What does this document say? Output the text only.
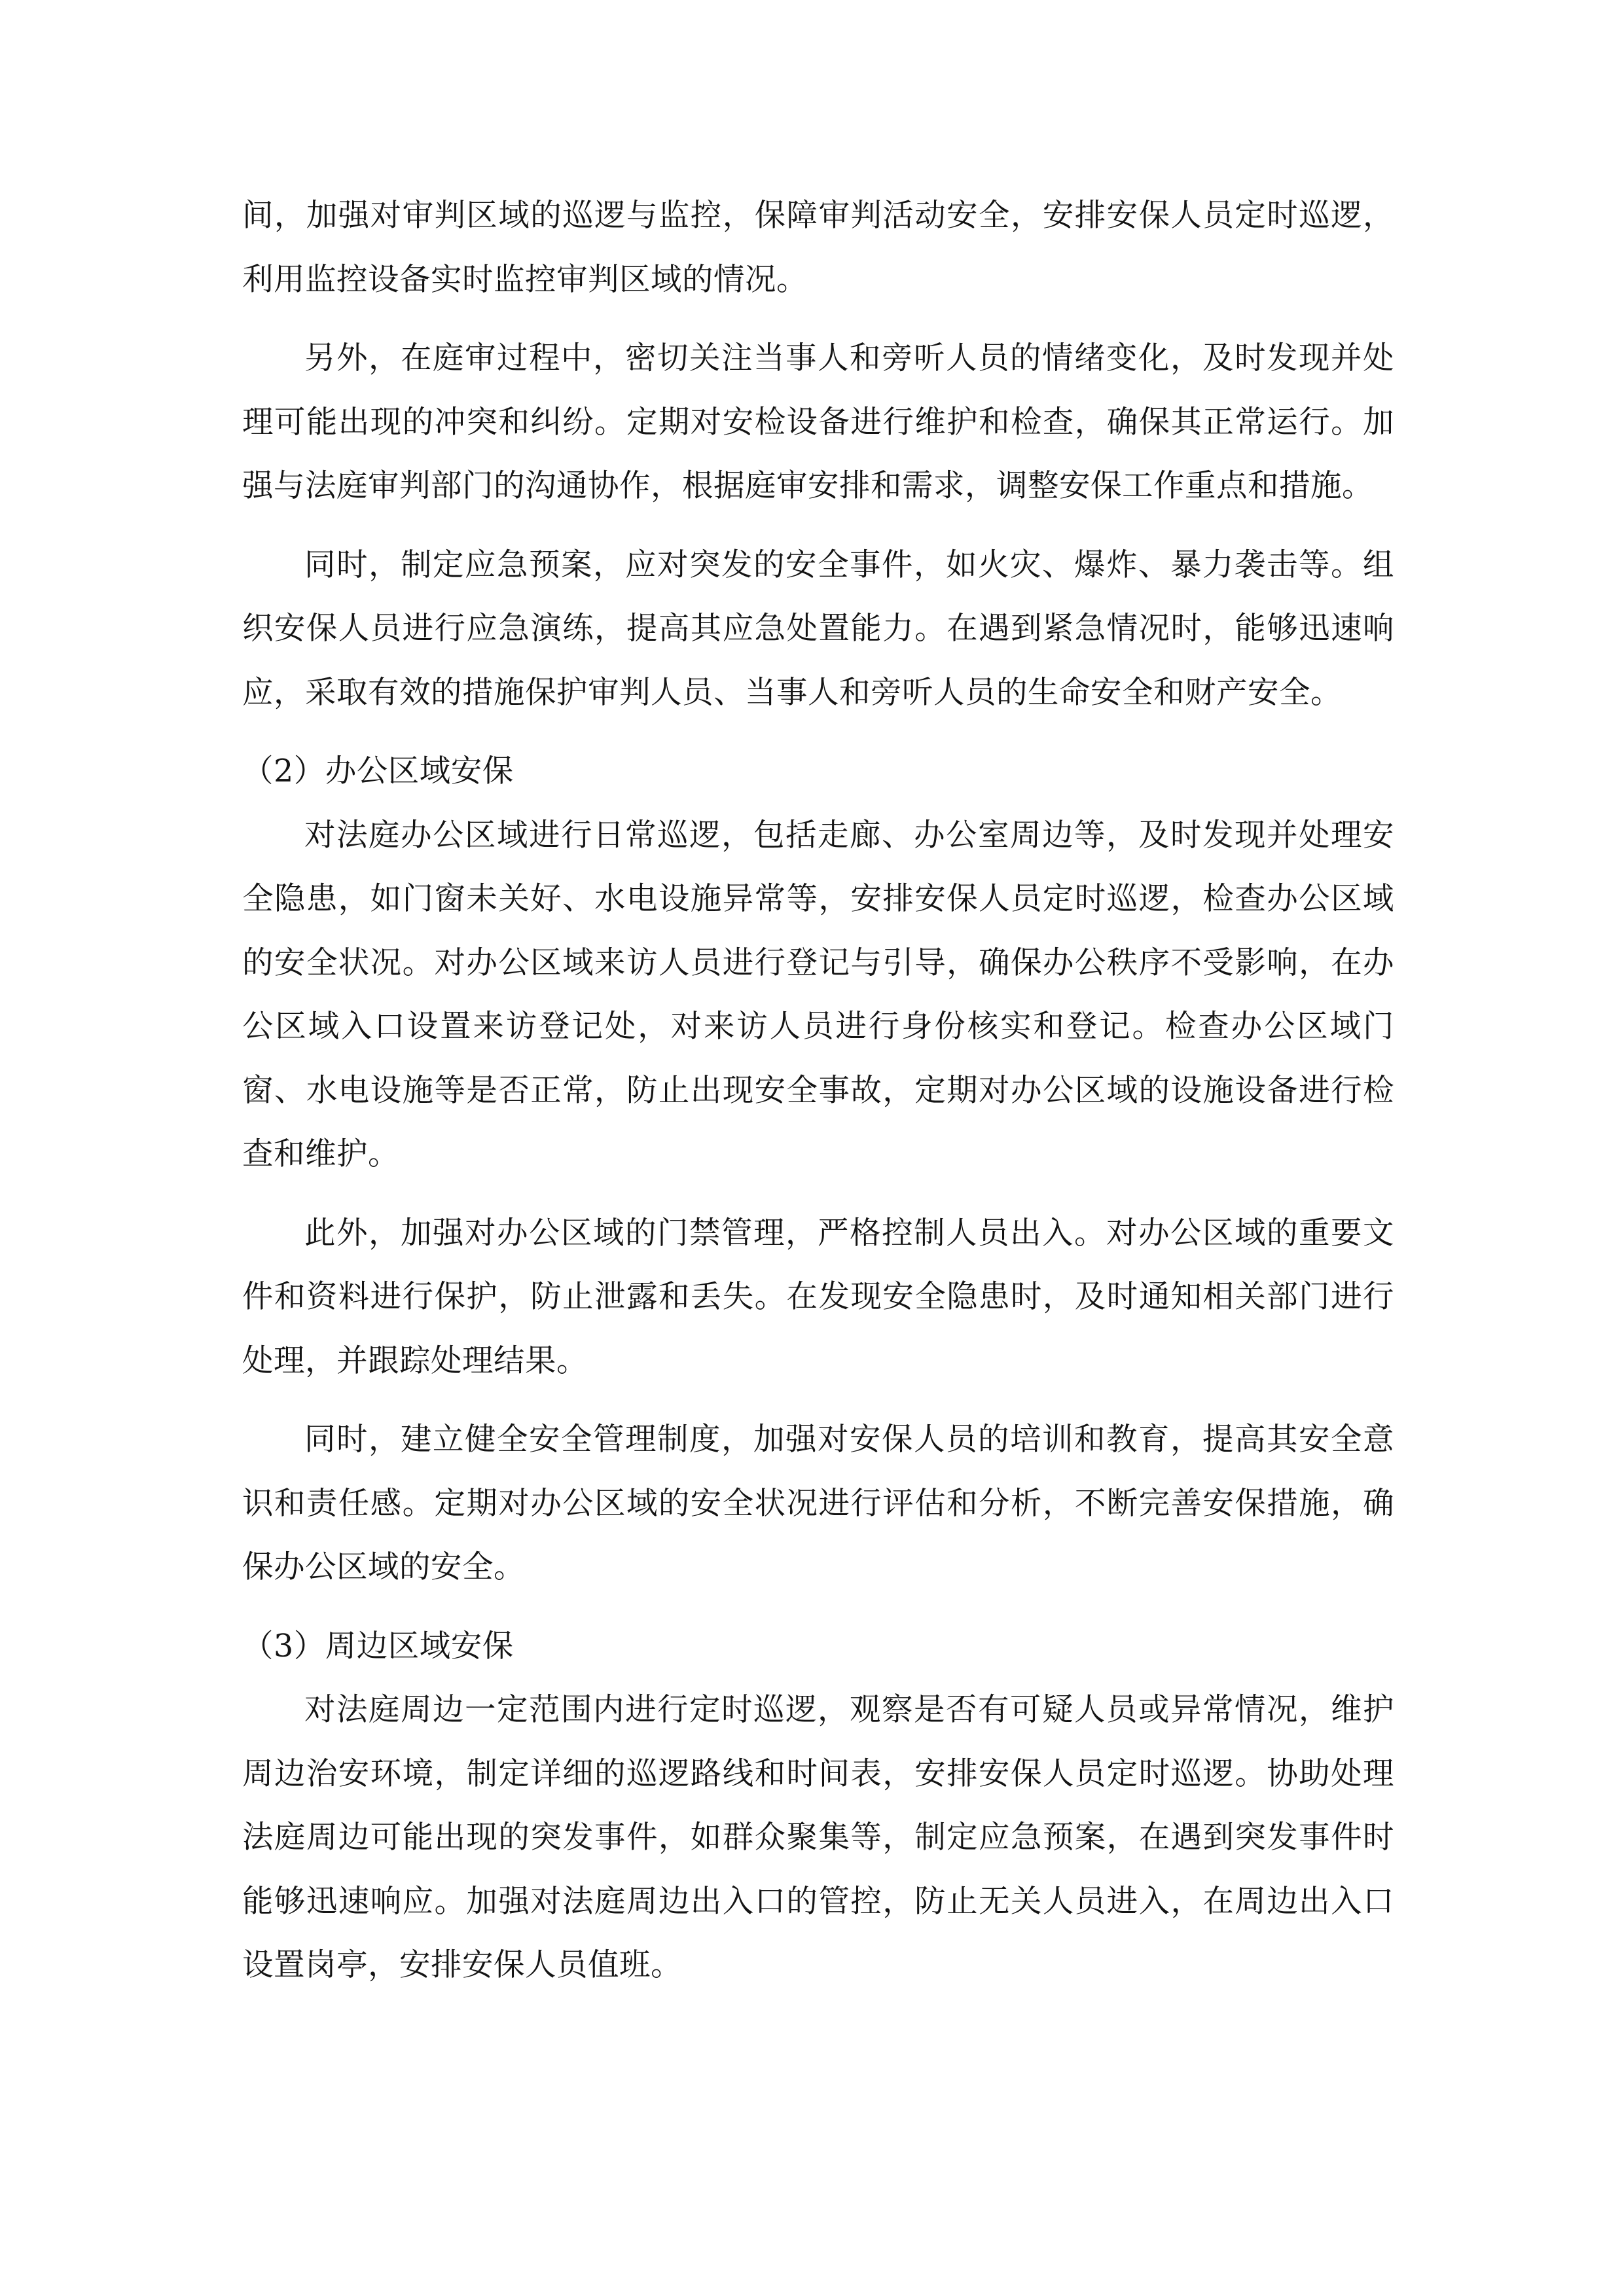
间，加强对审判区域的巡逻与监控，保障审判活动安全，安排安保人员定时巡逻，利用监控设备实时监控审判区域的情况。

另外，在庭审过程中，密切关注当事人和旁听人员的情绪变化，及时发现并处理可能出现的冲突和纠纷。定期对安检设备进行维护和检查，确保其正常运行。加强与法庭审判部门的沟通协作，根据庭审安排和需求，调整安保工作重点和措施。

同时，制定应急预案，应对突发的安全事件，如火灾、爆炸、暴力袭击等。组织安保人员进行应急演练，提高其应急处置能力。在遇到紧急情况时，能够迅速响应，采取有效的措施保护审判人员、当事人和旁听人员的生命安全和财产安全。

（2）办公区域安保

对法庭办公区域进行日常巡逻，包括走廊、办公室周边等，及时发现并处理安全隐患，如门窗未关好、水电设施异常等，安排安保人员定时巡逻，检查办公区域的安全状况。对办公区域来访人员进行登记与引导，确保办公秩序不受影响，在办公区域入口设置来访登记处，对来访人员进行身份核实和登记。检查办公区域门窗、水电设施等是否正常，防止出现安全事故，定期对办公区域的设施设备进行检查和维护。

此外，加强对办公区域的门禁管理，严格控制人员出入。对办公区域的重要文件和资料进行保护，防止泄露和丢失。在发现安全隐患时，及时通知相关部门进行处理，并跟踪处理结果。

同时，建立健全安全管理制度，加强对安保人员的培训和教育，提高其安全意识和责任感。定期对办公区域的安全状况进行评估和分析，不断完善安保措施，确保办公区域的安全。

（3）周边区域安保

对法庭周边一定范围内进行定时巡逻，观察是否有可疑人员或异常情况，维护周边治安环境，制定详细的巡逻路线和时间表，安排安保人员定时巡逻。协助处理法庭周边可能出现的突发事件，如群众聚集等，制定应急预案，在遇到突发事件时能够迅速响应。加强对法庭周边出入口的管控，防止无关人员进入，在周边出入口设置岗亭，安排安保人员值班。
